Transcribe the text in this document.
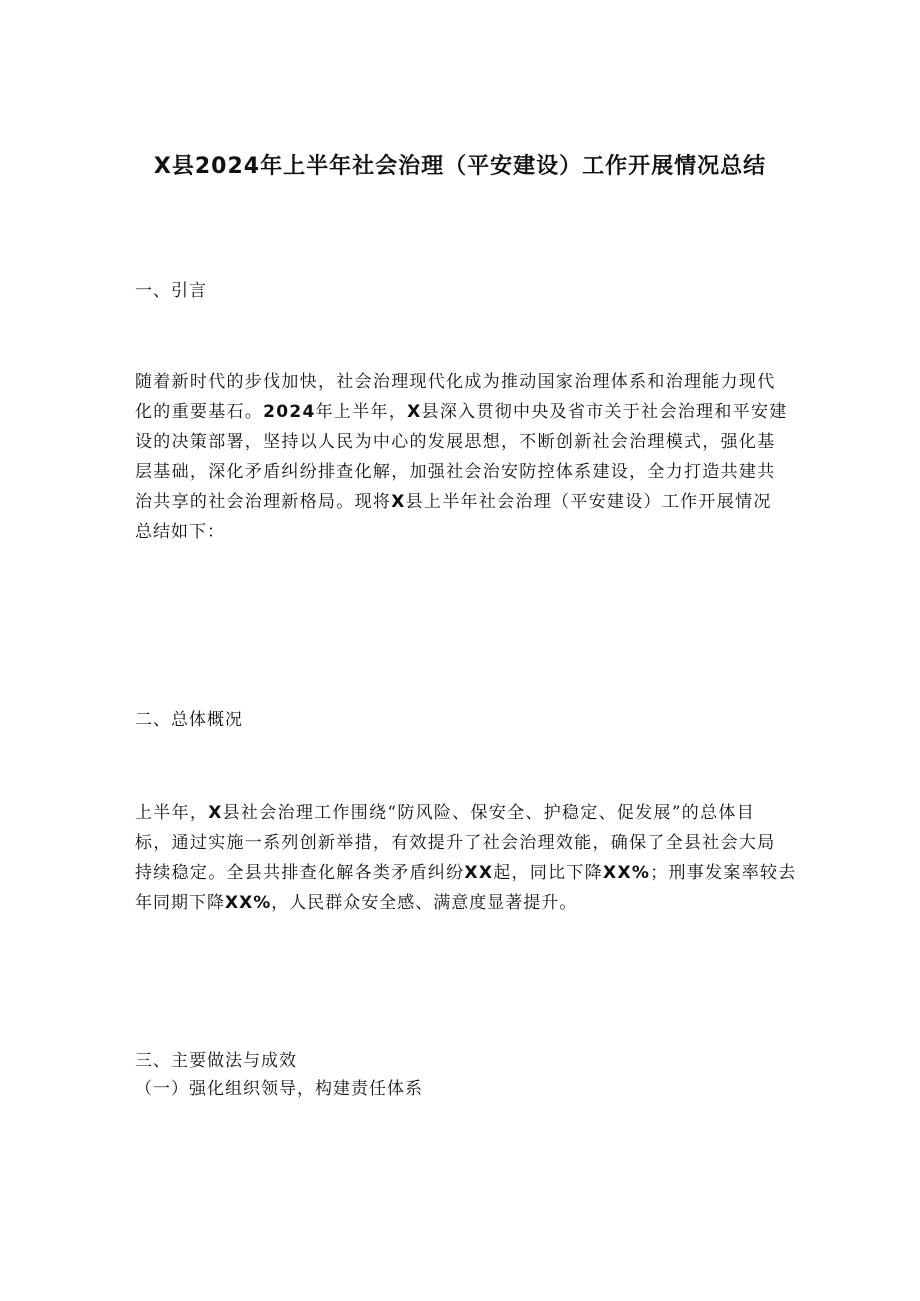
X县2024年上半年社会治理（平安建设）工作开展情况总结
一、引言
随着新时代的步伐加快，社会治理现代化成为推动国家治理体系和治理能力现代
化的重要基石。2024年上半年，X县深入贯彻中央及省市关于社会治理和平安建
设的决策部署，坚持以人民为中心的发展思想，不断创新社会治理模式，强化基
层基础，深化矛盾纠纷排查化解，加强社会治安防控体系建设，全力打造共建共
治共享的社会治理新格局。现将X县上半年社会治理（平安建设）工作开展情况
总结如下：
二、总体概况
上半年，X县社会治理工作围绕“防风险、保安全、护稳定、促发展”的总体目
标，通过实施一系列创新举措，有效提升了社会治理效能，确保了全县社会大局
持续稳定。全县共排查化解各类矛盾纠纷XX起，同比下降XX%；刑事发案率较去
年同期下降XX%，人民群众安全感、满意度显著提升。
三、主要做法与成效
（一）强化组织领导，构建责任体系
